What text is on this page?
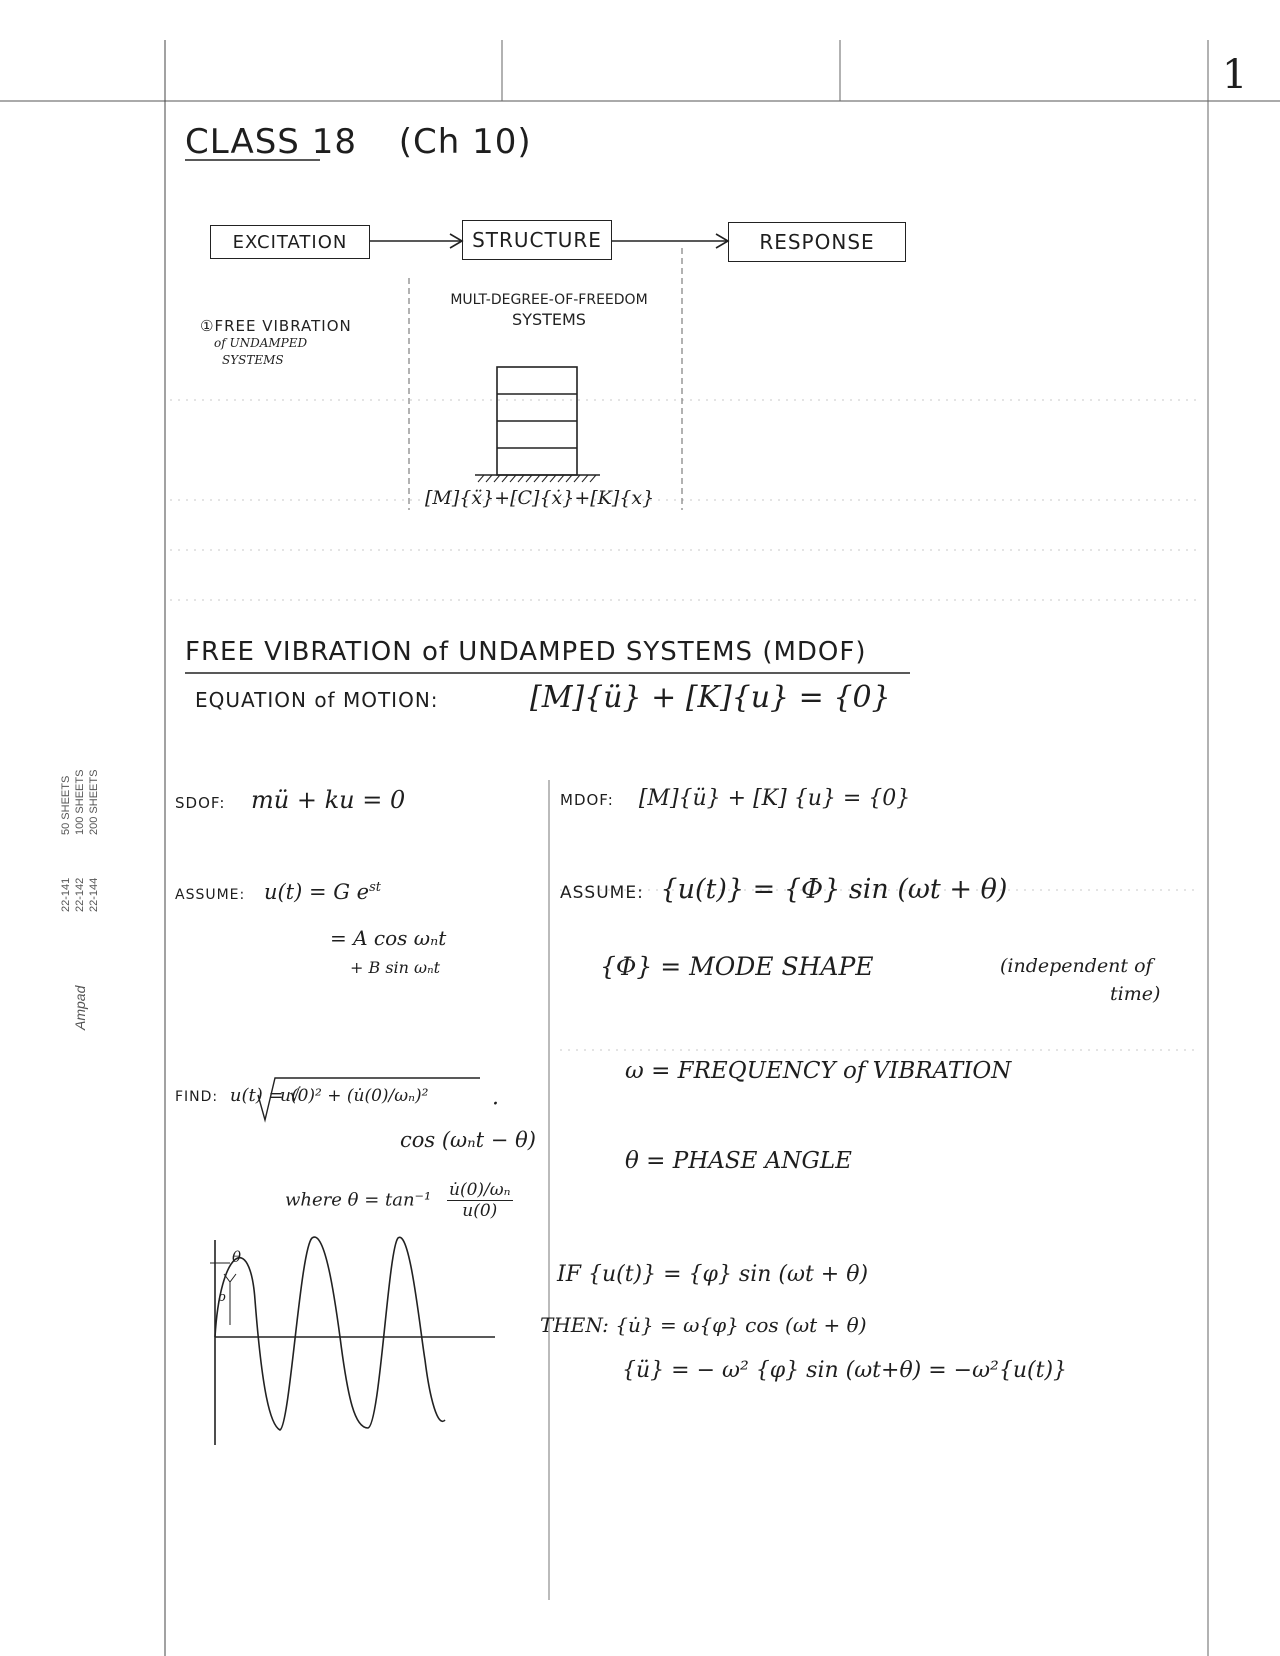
1
22-141 22-142 22-144
50 SHEETS 100 SHEETS 200 SHEETS
Ampad
CLASS 18 (Ch 10)
EXCITATION	STRUCTURE	RESPONSE
①FREE VIBRATION
of UNDAMPED
SYSTEMS
MULT-DEGREE-OF-FREEDOM
SYSTEMS
[M]{ẍ}+[C]{ẋ}+[K]{x}
FREE VIBRATION of UNDAMPED SYSTEMS (MDOF)
EQUATION of MOTION:	[M]{ü} + [K]{u} = {0}
SDOF: mü + ku = 0
ASSUME: u(t) = G $e^{st}$
= A cos ωₙt
+ B sin ωₙt
FIND: u(t) = √
u(0)² + (u̇(0)/ωₙ)²	·
cos (ωₙt − θ)
where $\theta = \tan^{-1} \frac{\text{u̇(0)/ωₙ}}{u(0)}$
θ
ρ
MDOF: [M]{ü} + [K] {u} = {0}
ASSUME: {u(t)} = {Φ} sin (ωt + θ)
{Φ} = MODE SHAPE	(independent of
time)
ω = FREQUENCY of VIBRATION
θ = PHASE ANGLE
IF {u(t)} = {φ} sin (ωt + θ)
THEN: {u̇} = ω{φ} cos (ωt + θ)
{ü} = − ω² {φ} sin (ωt+θ) = −ω²{u(t)}
